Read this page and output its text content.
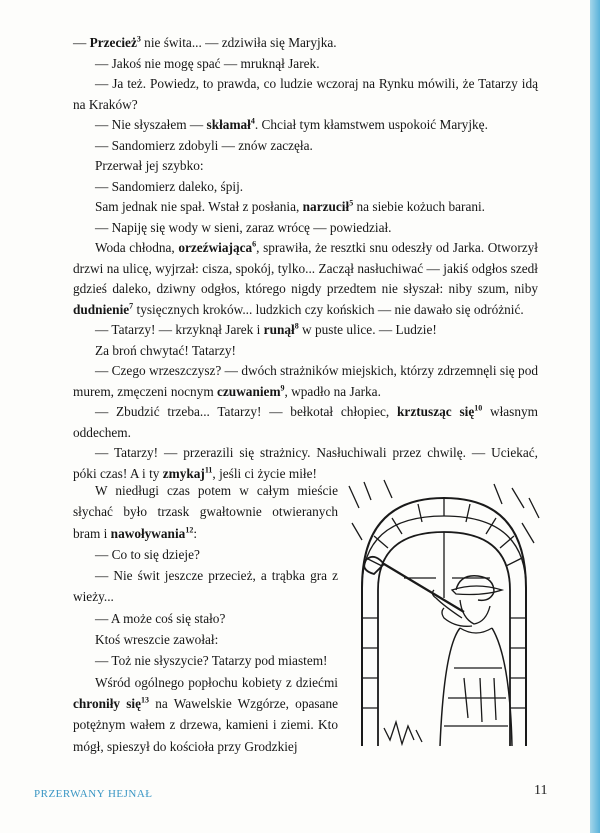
— Przecież$^3$ nie świta... — zdziwiła się Maryjka.

— Jakoś nie mogę spać — mruknął Jarek.

— Ja też. Powiedz, to prawda, co ludzie wczoraj na Rynku mówili, że Tatarzy idą na Kraków?

— Nie słyszałem — skłamał$^4$. Chciał tym kłamstwem uspokoić Maryjkę.

— Sandomierz zdobyli — znów zaczęła.

Przerwał jej szybko:

— Sandomierz daleko, śpij.

Sam jednak nie spał. Wstał z posłania, narzucił$^5$ na siebie kożuch barani.

— Napiję się wody w sieni, zaraz wrócę — powiedział.

Woda chłodna, orzeźwiająca$^6$, sprawiła, że resztki snu odeszły od Jarka. Otworzył drzwi na ulicę, wyjrzał: cisza, spokój, tylko... Zaczął nasłuchiwać — jakiś odgłos szedł gdzieś daleko, dziwny odgłos, którego nigdy przedtem nie słyszał: niby szum, niby dudnienie$^7$ tysięcznych kroków... ludzkich czy końskich — nie dawało się odróżnić.

— Tatarzy! — krzyknął Jarek i runął$^8$ w puste ulice. — Ludzie!

Za broń chwytać! Tatarzy!

— Czego wrzeszczysz? — dwóch strażników miejskich, którzy zdrzemnęli się pod murem, zmęczeni nocnym czuwaniem$^9$, wpadło na Jarka.

— Zbudzić trzeba... Tatarzy! — bełkotał chłopiec, krztusząc się$^{10}$ własnym oddechem.

— Tatarzy! — przerazili się strażnicy. Nasłuchiwali przez chwilę. — Uciekać, póki czas! A i ty zmykaj$^{11}$, jeśli ci życie miłe!

W niedługi czas potem w całym mieście słychać było trzask gwałtownie otwieranych bram i nawoływania$^{12}$:

— Co to się dzieje?

— Nie świt jeszcze przecież, a trąbka gra z wieży...

— A może coś się stało?

Ktoś wreszcie zawołał:

— Toż nie słyszycie? Tatarzy pod miastem!

Wśród ogólnego popłochu kobiety z dziećmi chroniły się$^{13}$ na Wawelskie Wzgórze, opasane potężnym wałem z drzewa, kamieni i ziemi. Kto mógł, spieszył do kościoła przy Grodzkiej

PRZERWANY HEJNAŁ	11
